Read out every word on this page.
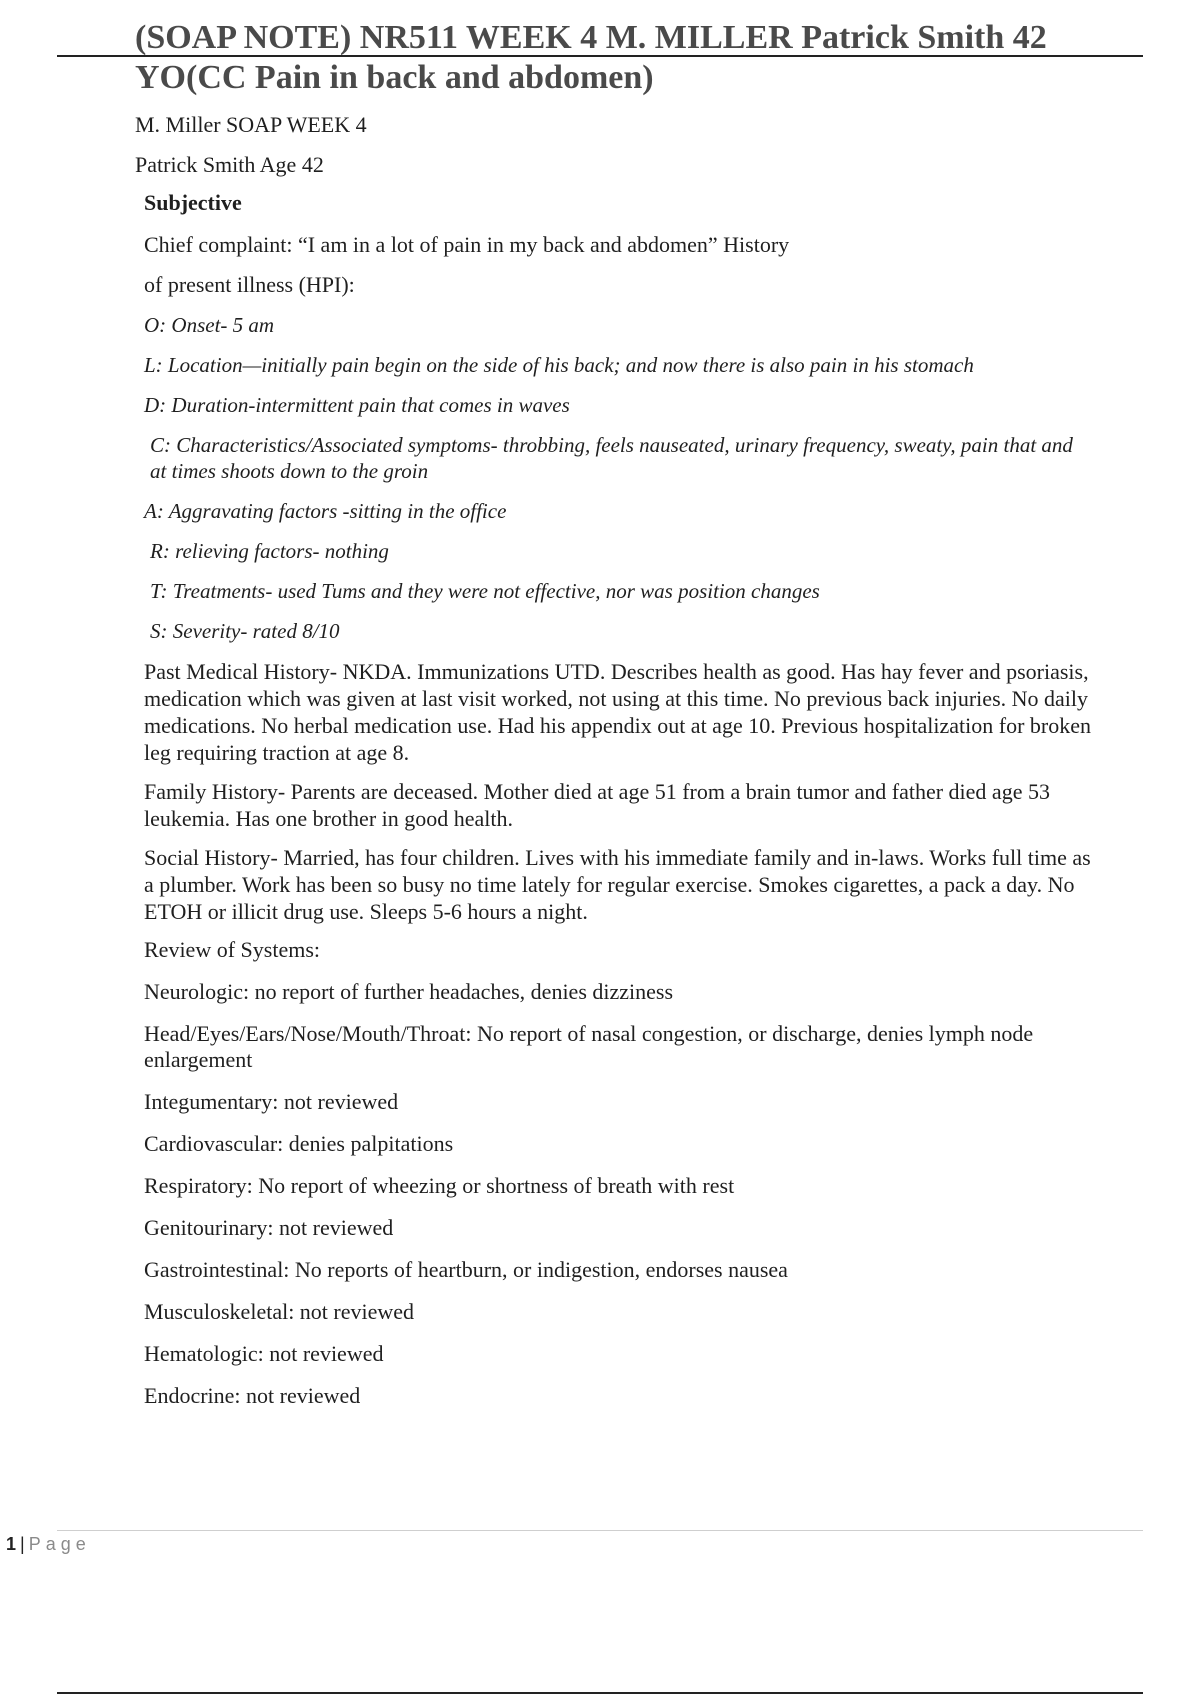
(SOAP NOTE) NR511 WEEK 4 M. MILLER Patrick Smith 42 YO(CC Pain in back and abdomen)
M. Miller SOAP WEEK 4
Patrick Smith Age 42

Subjective

Chief complaint: “I am in a lot of pain in my back and abdomen” History

of present illness (HPI):

O: Onset- 5 am

L: Location—initially pain begin on the side of his back; and now there is also pain in his stomach

D: Duration-intermittent pain that comes in waves

C: Characteristics/Associated symptoms- throbbing, feels nauseated, urinary frequency, sweaty, pain that and at times shoots down to the groin

A: Aggravating factors -sitting in the office

R: relieving factors- nothing

T: Treatments- used Tums and they were not effective, nor was position changes

S: Severity- rated 8/10

Past Medical History- NKDA. Immunizations UTD. Describes health as good. Has hay fever and psoriasis, medication which was given at last visit worked, not using at this time. No previous back injuries. No daily medications. No herbal medication use. Had his appendix out at age 10. Previous hospitalization for broken leg requiring traction at age 8.

Family History- Parents are deceased. Mother died at age 51 from a brain tumor and father died age 53 leukemia. Has one brother in good health.

Social History- Married, has four children. Lives with his immediate family and in-laws. Works full time as a plumber. Work has been so busy no time lately for regular exercise. Smokes cigarettes, a pack a day. No ETOH or illicit drug use. Sleeps 5-6 hours a night.

Review of Systems:

Neurologic: no report of further headaches, denies dizziness

Head/Eyes/Ears/Nose/Mouth/Throat: No report of nasal congestion, or discharge, denies lymph node enlargement

Integumentary: not reviewed

Cardiovascular: denies palpitations

Respiratory: No report of wheezing or shortness of breath with rest

Genitourinary: not reviewed

Gastrointestinal: No reports of heartburn, or indigestion, endorses nausea

Musculoskeletal: not reviewed

Hematologic: not reviewed

Endocrine: not reviewed

1 | Page
